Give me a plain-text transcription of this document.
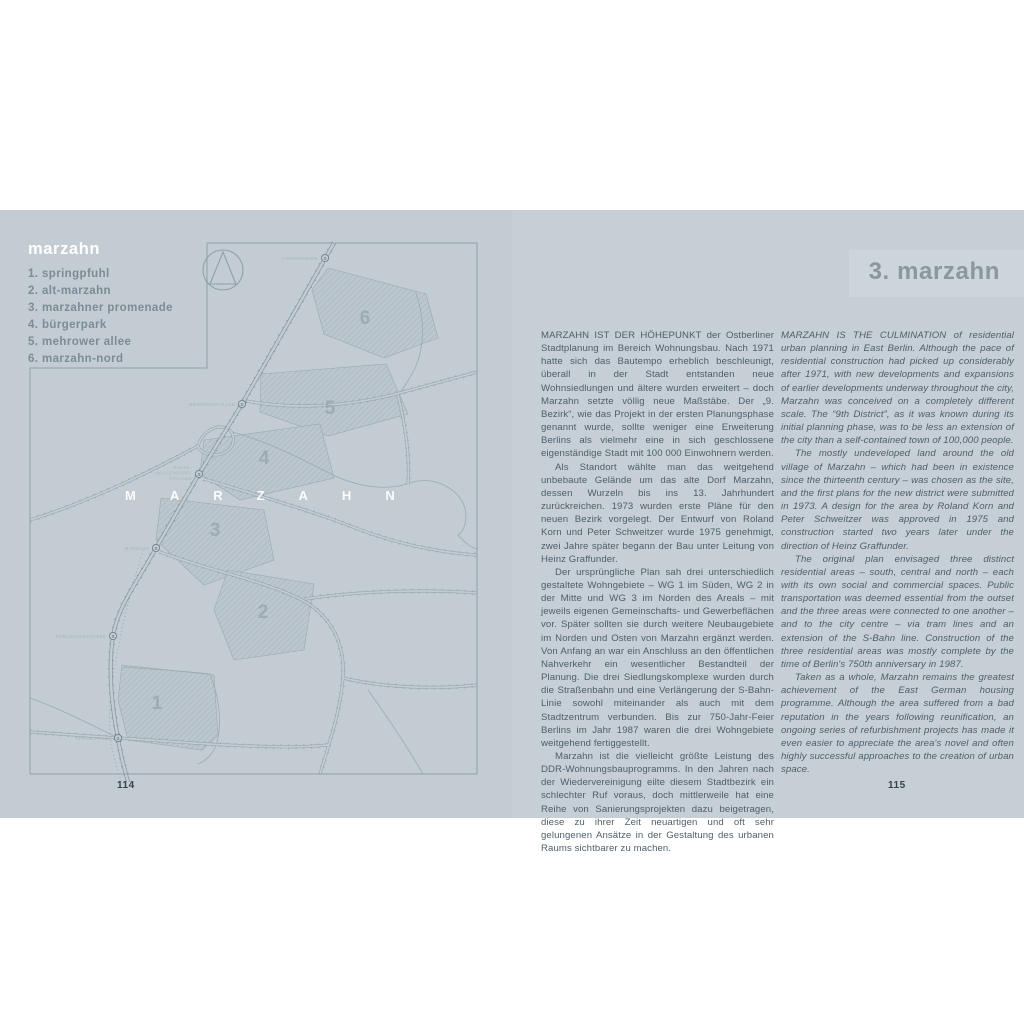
marzahn
1. springpfuhl
2. alt-marzahn
3. marzahner promenade
4. bürgerpark
5. mehrower allee
6. marzahn-nord
S
S
S
S
S
S
AHRENSFELDE
MEHROWER ALLEE
RAOUL-
WALLENBERG-
STRASSE
MARZAHN
POELCHAUSTRASSE
SPRINGPFUHL
1
2
3
4
5
6
MARZAHN
114
3. marzahn

MARZAHN IST DER HÖHEPUNKT der Ostberliner Stadtplanung im Bereich Wohnungsbau. Nach 1971 hatte sich das Bautempo erheblich beschleunigt, überall in der Stadt entstanden neue Wohnsiedlungen und ältere wurden erweitert – doch Marzahn setzte völlig neue Maßstäbe. Der „9. Bezirk“, wie das Projekt in der ersten Planungsphase genannt wurde, sollte weniger eine Erweiterung Berlins als vielmehr eine in sich geschlossene eigenständige Stadt mit 100 000 Einwohnern werden.

Als Standort wählte man das weitgehend unbebaute Gelände um das alte Dorf Marzahn, dessen Wurzeln bis ins 13. Jahrhundert zurückreichen. 1973 wurden erste Pläne für den neuen Bezirk vorgelegt. Der Entwurf von Roland Korn und Peter Schweitzer wurde 1975 genehmigt, zwei Jahre später begann der Bau unter Leitung von Heinz Graffunder.

Der ursprüngliche Plan sah drei unterschiedlich gestaltete Wohngebiete – WG 1 im Süden, WG 2 in der Mitte und WG 3 im Norden des Areals – mit jeweils eigenen Gemeinschafts- und Gewerbeflächen vor. Später sollten sie durch weitere Neubaugebiete im Norden und Osten von Marzahn ergänzt werden. Von Anfang an war ein Anschluss an den öffentlichen Nahverkehr ein wesentlicher Bestandteil der Planung. Die drei Siedlungskomplexe wurden durch die Straßenbahn und eine Verlängerung der S-Bahn-Linie sowohl miteinander als auch mit dem Stadtzentrum verbunden. Bis zur 750-Jahr-Feier Berlins im Jahr 1987 waren die drei Wohngebiete weitgehend fertiggestellt.

Marzahn ist die vielleicht größte Leistung des DDR-Wohnungsbauprogramms. In den Jahren nach der Wiedervereinigung eilte diesem Stadtbezirk ein schlechter Ruf voraus, doch mittlerweile hat eine Reihe von Sanierungsprojekten dazu beigetragen, diese zu ihrer Zeit neuartigen und oft sehr gelungenen Ansätze in der Gestaltung des urbanen Raums sichtbarer zu machen.

MARZAHN IS THE CULMINATION of residential urban planning in East Berlin. Although the pace of residential construction had picked up considerably after 1971, with new developments and expansions of earlier developments underway throughout the city, Marzahn was conceived on a completely different scale. The “9th District”, as it was known during its initial planning phase, was to be less an extension of the city than a self-contained town of 100,000 people.

The mostly undeveloped land around the old village of Marzahn – which had been in existence since the thirteenth century – was chosen as the site, and the first plans for the new district were submitted in 1973. A design for the area by Roland Korn and Peter Schweitzer was approved in 1975 and construction started two years later under the direction of Heinz Graffunder.

The original plan envisaged three distinct residential areas – south, central and north – each with its own social and commercial spaces. Public transportation was deemed essential from the outset and the three areas were connected to one another – and to the city centre – via tram lines and an extension of the S-Bahn line. Construction of the three residential areas was mostly complete by the time of Berlin's 750th anniversary in 1987.

Taken as a whole, Marzahn remains the greatest achievement of the East German housing programme. Although the area suffered from a bad reputation in the years following reunification, an ongoing series of refurbishment projects has made it even easier to appreciate the area's novel and often highly successful approaches to the creation of urban space.

115
